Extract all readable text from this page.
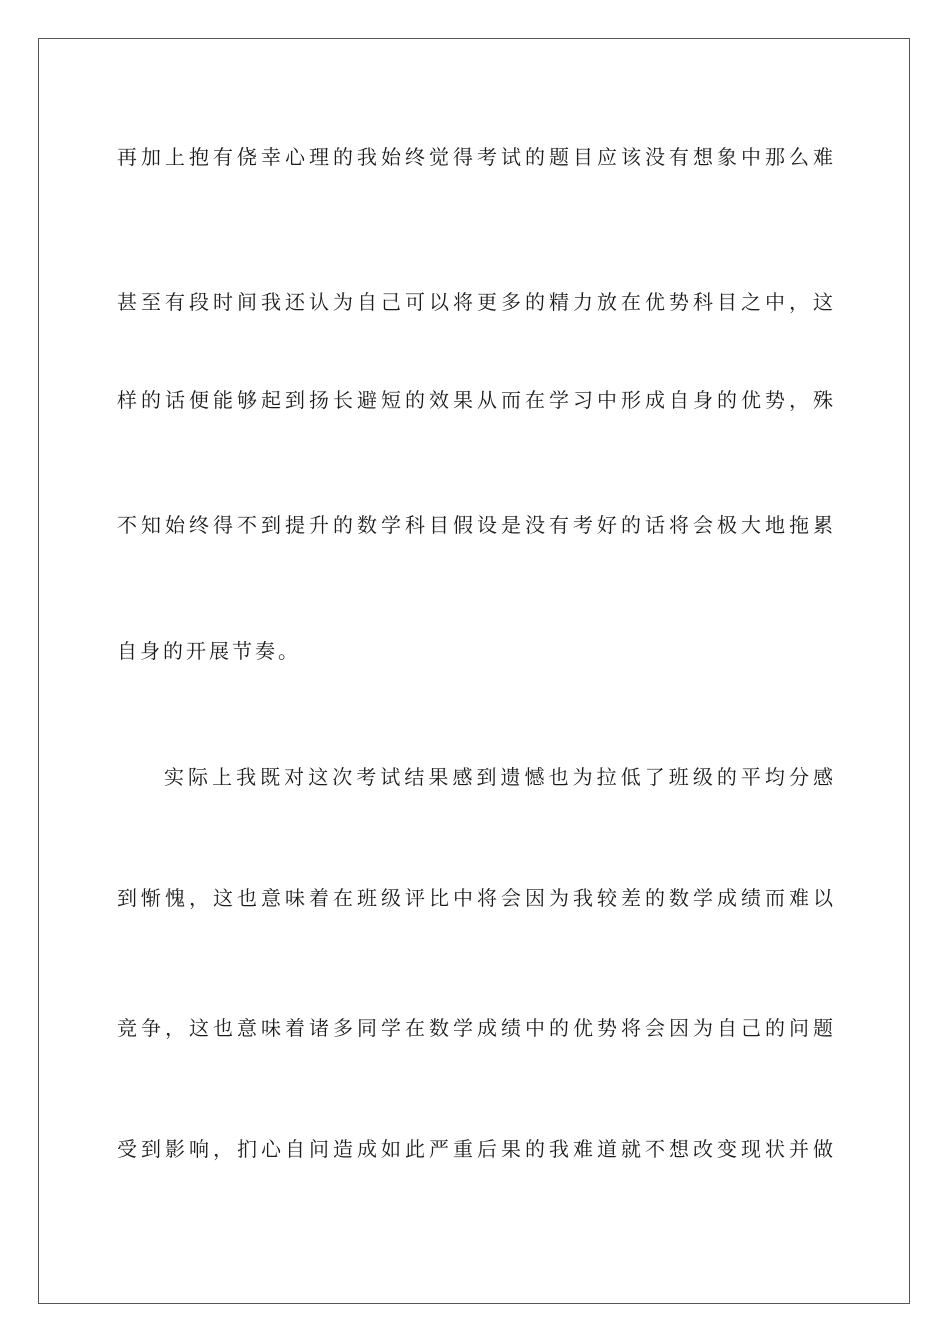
再加上抱有侥幸心理的我始终觉得考试的题目应该没有想象中那么难
甚至有段时间我还认为自己可以将更多的精力放在优势科目之中，这
样的话便能够起到扬长避短的效果从而在学习中形成自身的优势，殊
不知始终得不到提升的数学科目假设是没有考好的话将会极大地拖累
自身的开展节奏。
实际上我既对这次考试结果感到遗憾也为拉低了班级的平均分感
到惭愧，这也意味着在班级评比中将会因为我较差的数学成绩而难以
竞争，这也意味着诸多同学在数学成绩中的优势将会因为自己的问题
受到影响，扪心自问造成如此严重后果的我难道就不想改变现状并做
